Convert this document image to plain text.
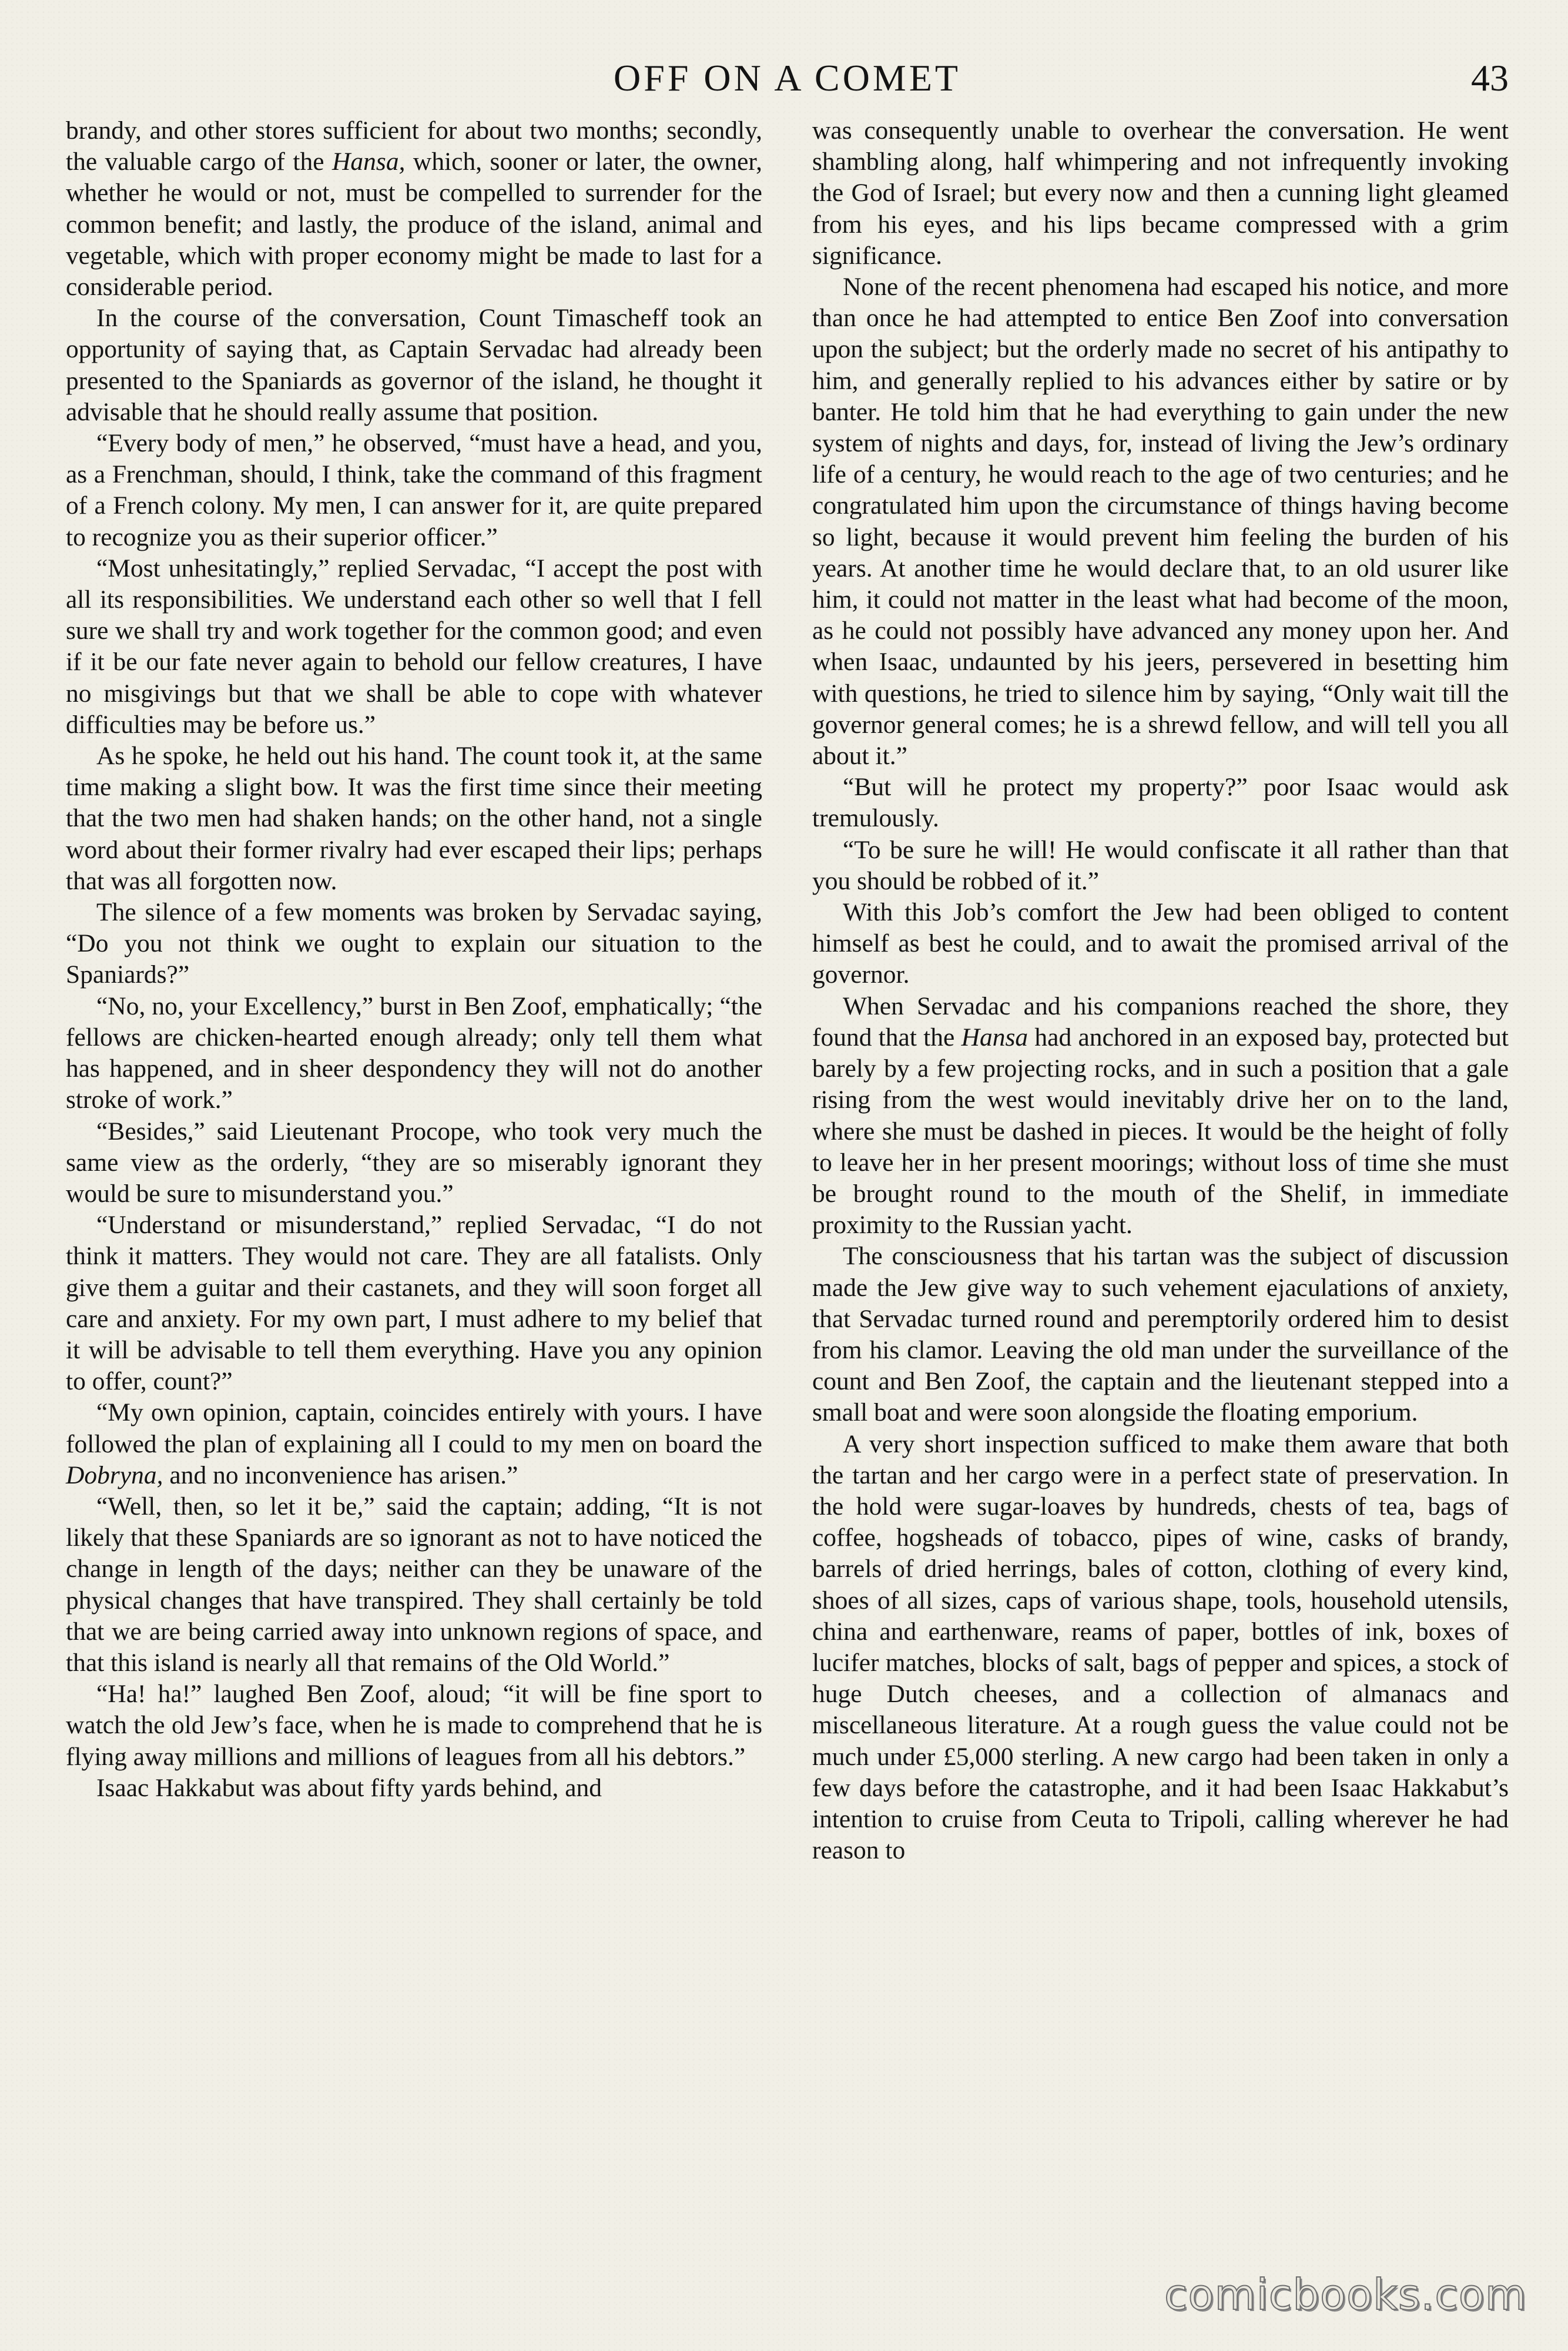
OFF ON A COMET	43

brandy, and other stores sufficient for about two months; secondly, the valuable cargo of the Hansa, which, sooner or later, the owner, whether he would or not, must be compelled to surrender for the common benefit; and lastly, the produce of the island, animal and vegetable, which with proper economy might be made to last for a considerable period.

In the course of the conversation, Count Timascheff took an opportunity of saying that, as Captain Servadac had already been presented to the Spaniards as governor of the island, he thought it advisable that he should really assume that position.

“Every body of men,” he observed, “must have a head, and you, as a Frenchman, should, I think, take the command of this fragment of a French colony. My men, I can answer for it, are quite prepared to recognize you as their superior officer.”

“Most unhesitatingly,” replied Servadac, “I accept the post with all its responsibilities. We understand each other so well that I fell sure we shall try and work together for the common good; and even if it be our fate never again to behold our fellow creatures, I have no misgivings but that we shall be able to cope with whatever difficulties may be before us.”

As he spoke, he held out his hand. The count took it, at the same time making a slight bow. It was the first time since their meeting that the two men had shaken hands; on the other hand, not a single word about their former rivalry had ever escaped their lips; perhaps that was all forgotten now.

The silence of a few moments was broken by Servadac saying, “Do you not think we ought to explain our situation to the Spaniards?”

“No, no, your Excellency,” burst in Ben Zoof, emphatically; “the fellows are chicken-hearted enough already; only tell them what has happened, and in sheer despondency they will not do another stroke of work.”

“Besides,” said Lieutenant Procope, who took very much the same view as the orderly, “they are so miserably ignorant they would be sure to misunderstand you.”

“Understand or misunderstand,” replied Servadac, “I do not think it matters. They would not care. They are all fatalists. Only give them a guitar and their castanets, and they will soon forget all care and anxiety. For my own part, I must adhere to my belief that it will be advisable to tell them everything. Have you any opinion to offer, count?”

“My own opinion, captain, coincides entirely with yours. I have followed the plan of explaining all I could to my men on board the Dobryna, and no inconvenience has arisen.”

“Well, then, so let it be,” said the captain; adding, “It is not likely that these Spaniards are so ignorant as not to have noticed the change in length of the days; neither can they be unaware of the physical changes that have transpired. They shall certainly be told that we are being carried away into unknown regions of space, and that this island is nearly all that remains of the Old World.”

“Ha! ha!” laughed Ben Zoof, aloud; “it will be fine sport to watch the old Jew’s face, when he is made to comprehend that he is flying away millions and millions of leagues from all his debtors.”

Isaac Hakkabut was about fifty yards behind, and

was consequently unable to overhear the conversation. He went shambling along, half whimpering and not infrequently invoking the God of Israel; but every now and then a cunning light gleamed from his eyes, and his lips became compressed with a grim significance.

None of the recent phenomena had escaped his notice, and more than once he had attempted to entice Ben Zoof into conversation upon the subject; but the orderly made no secret of his antipathy to him, and generally replied to his advances either by satire or by banter. He told him that he had everything to gain under the new system of nights and days, for, instead of living the Jew’s ordinary life of a century, he would reach to the age of two centuries; and he congratulated him upon the circumstance of things having become so light, because it would prevent him feeling the burden of his years. At another time he would declare that, to an old usurer like him, it could not matter in the least what had become of the moon, as he could not possibly have advanced any money upon her. And when Isaac, undaunted by his jeers, persevered in besetting him with questions, he tried to silence him by saying, “Only wait till the governor general comes; he is a shrewd fellow, and will tell you all about it.”

“But will he protect my property?” poor Isaac would ask tremulously.

“To be sure he will! He would confiscate it all rather than that you should be robbed of it.”

With this Job’s comfort the Jew had been obliged to content himself as best he could, and to await the promised arrival of the governor.

When Servadac and his companions reached the shore, they found that the Hansa had anchored in an exposed bay, protected but barely by a few projecting rocks, and in such a position that a gale rising from the west would inevitably drive her on to the land, where she must be dashed in pieces. It would be the height of folly to leave her in her present moorings; without loss of time she must be brought round to the mouth of the Shelif, in immediate proximity to the Russian yacht.

The consciousness that his tartan was the subject of discussion made the Jew give way to such vehement ejaculations of anxiety, that Servadac turned round and peremptorily ordered him to desist from his clamor. Leaving the old man under the surveillance of the count and Ben Zoof, the captain and the lieutenant stepped into a small boat and were soon alongside the floating emporium.

A very short inspection sufficed to make them aware that both the tartan and her cargo were in a perfect state of preservation. In the hold were sugar-loaves by hundreds, chests of tea, bags of coffee, hogsheads of tobacco, pipes of wine, casks of brandy, barrels of dried herrings, bales of cotton, clothing of every kind, shoes of all sizes, caps of various shape, tools, household utensils, china and earthenware, reams of paper, bottles of ink, boxes of lucifer matches, blocks of salt, bags of pepper and spices, a stock of huge Dutch cheeses, and a collection of almanacs and miscellaneous literature. At a rough guess the value could not be much under £5,000 sterling. A new cargo had been taken in only a few days before the catastrophe, and it had been Isaac Hakkabut’s intention to cruise from Ceuta to Tripoli, calling wherever he had reason to

comicbooks.com
